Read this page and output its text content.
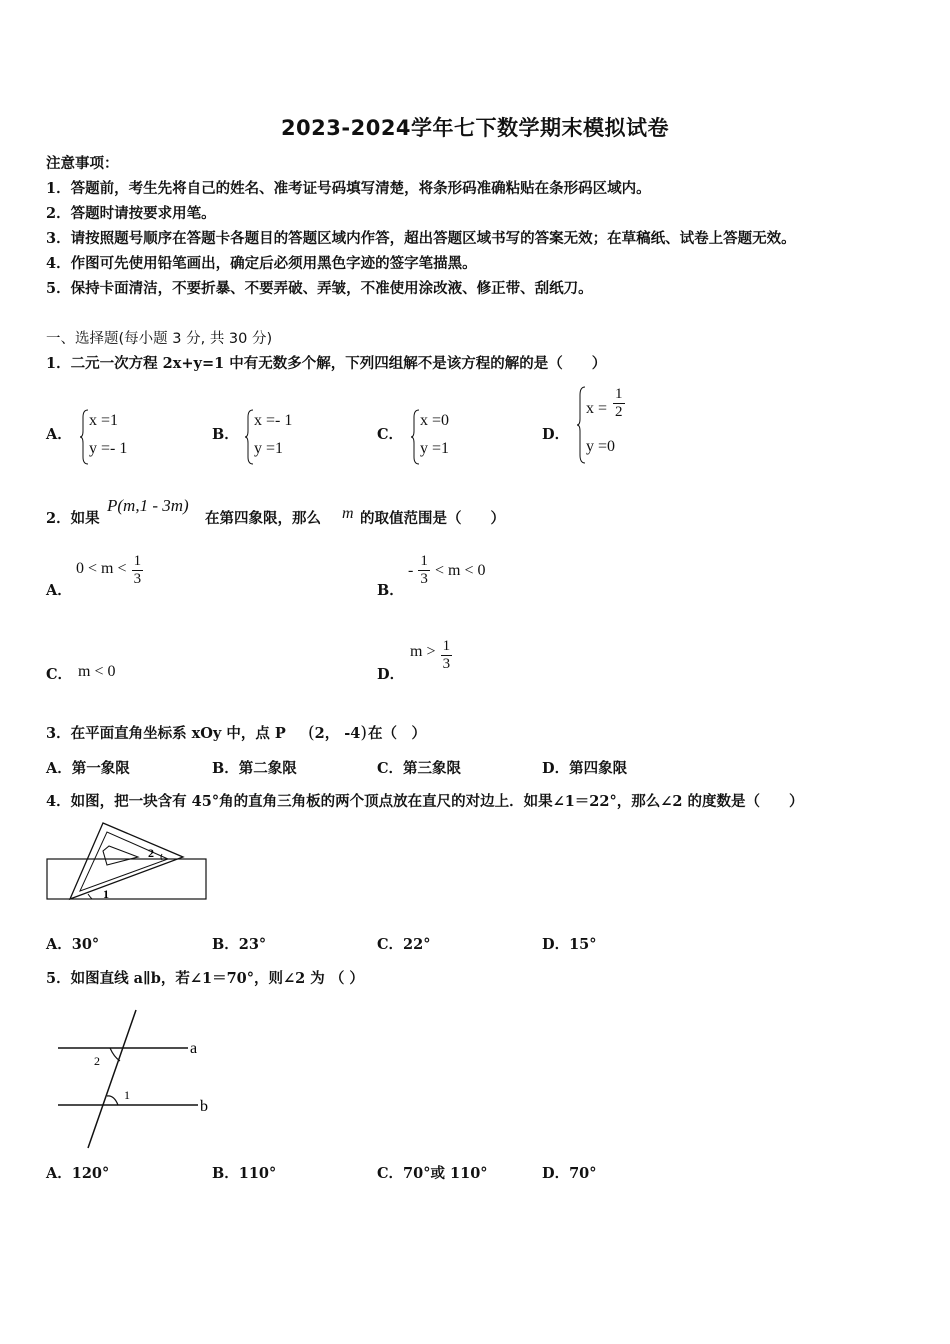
2023-2024学年七下数学期末模拟试卷
注意事项：
1．答题前，考生先将自己的姓名、准考证号码填写清楚，将条形码准确粘贴在条形码区域内。
2．答题时请按要求用笔。
3．请按照题号顺序在答题卡各题目的答题区域内作答，超出答题区域书写的答案无效；在草稿纸、试卷上答题无效。
4．作图可先使用铅笔画出，确定后必须用黑色字迹的签字笔描黑。
5．保持卡面清洁，不要折暴、不要弄破、弄皱，不准使用涂改液、修正带、刮纸刀。
一、选择题(每小题 3 分, 共 30 分)
1．二元一次方程 2x+y=1 中有无数多个解，下列四组解不是该方程的解的是（　　）
A．
x =1
y =- 1
B．
x =- 1
y =1
C．
x =0
y =1
D．
$x = \frac{1}{2}$
y =0
2．如果
P(m,1 - 3m)
在第四象限，那么 m 的取值范围是（　　）
A．
$0 < m < \frac{1}{3}$
B．
- $\frac{1}{3} < m < 0$
C． m < 0	D．
$m > \frac{1}{3}$
3．在平面直角坐标系 xOy 中，点 P (2， -4) 在（　）
A．第一象限	B．第二象限	C．第三象限	D．第四象限
4．如图，把一块含有 45°角的直角三角板的两个顶点放在直尺的对边上．如果∠1＝22°，那么∠2 的度数是（　　）
2
1
A．30°	B．23°	C．22°	D．15°
5．如图直线 a∥b，若∠1＝70°，则∠2 为 （ ）
a
b
2
1
A．120°	B．110°	C．70°或 110°	D．70°
